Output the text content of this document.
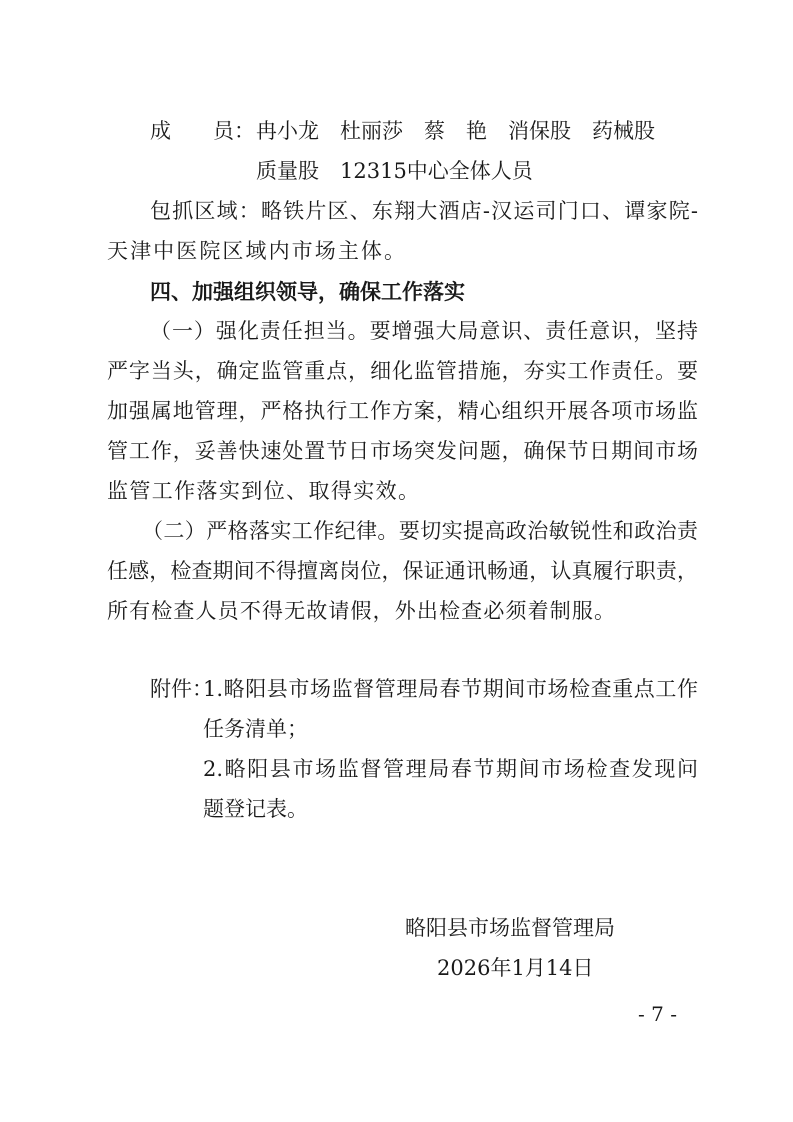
成　　员： 冉小龙　杜丽莎　蔡　艳　消保股　药械股
质量股　12315中心全体人员
包抓区域：略铁片区、东翔大酒店-汉运司门口、谭家院-
天津中医院区域内市场主体。
四、加强组织领导，确保工作落实
（一）强化责任担当。要增强大局意识、责任意识，坚持
严字当头，确定监管重点，细化监管措施，夯实工作责任。要
加强属地管理，严格执行工作方案，精心组织开展各项市场监
管工作，妥善快速处置节日市场突发问题，确保节日期间市场
监管工作落实到位、取得实效。
（二）严格落实工作纪律。要切实提高政治敏锐性和政治责
任感，检查期间不得擅离岗位，保证通讯畅通，认真履行职责，
所有检查人员不得无故请假，外出检查必须着制服。
附件：
1.略阳县市场监督管理局春节期间市场检查重点工作
任务清单；
2.略阳县市场监督管理局春节期间市场检查发现问
题登记表。
略阳县市场监督管理局
2026年1月14日
- 7 -
